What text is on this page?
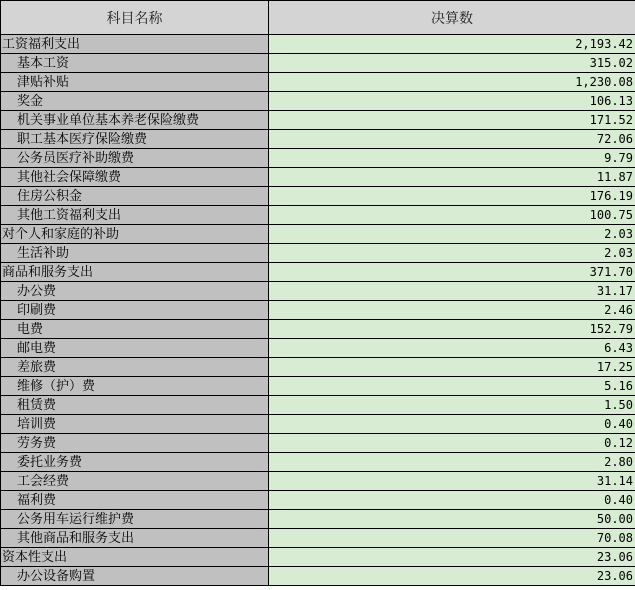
科目名称	决算数
工资福利支出	2,193.42
基本工资	315.02
津贴补贴	1,230.08
奖金	106.13
机关事业单位基本养老保险缴费	171.52
职工基本医疗保险缴费	72.06
公务员医疗补助缴费	9.79
其他社会保障缴费	11.87
住房公积金	176.19
其他工资福利支出	100.75
对个人和家庭的补助	2.03
生活补助	2.03
商品和服务支出	371.70
办公费	31.17
印刷费	2.46
电费	152.79
邮电费	6.43
差旅费	17.25
维修（护）费	5.16
租赁费	1.50
培训费	0.40
劳务费	0.12
委托业务费	2.80
工会经费	31.14
福利费	0.40
公务用车运行维护费	50.00
其他商品和服务支出	70.08
资本性支出	23.06
办公设备购置	23.06
